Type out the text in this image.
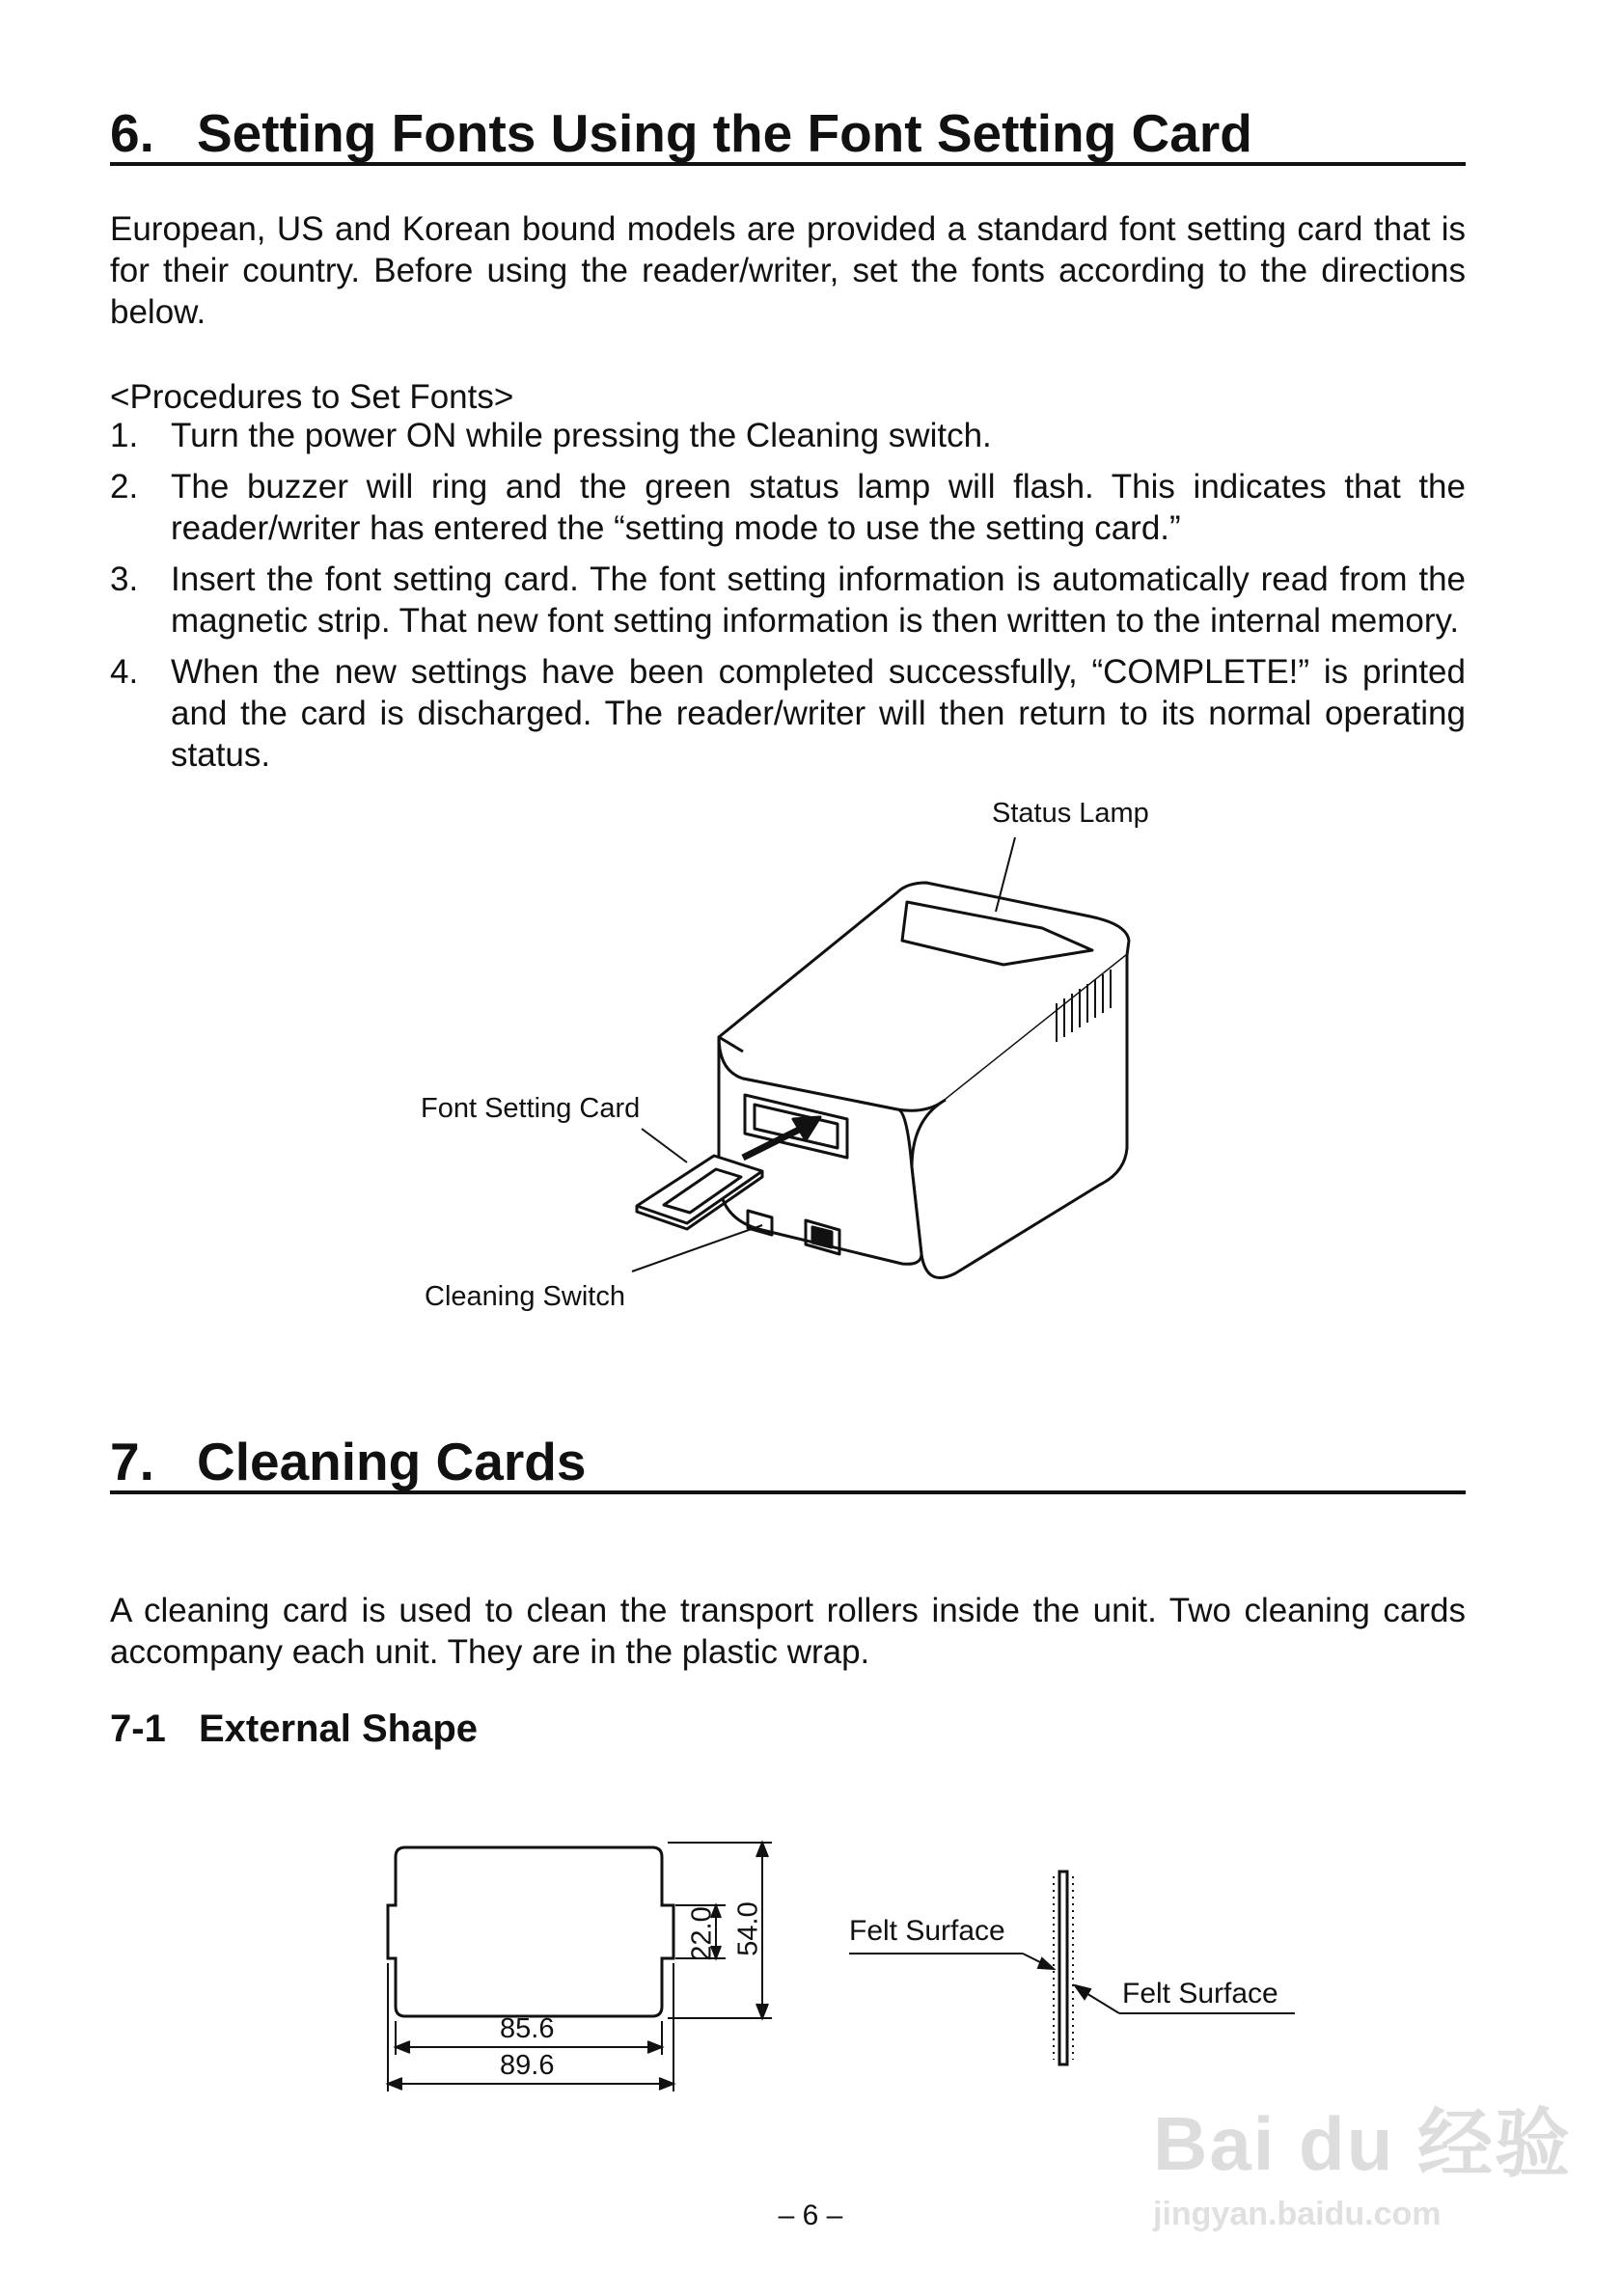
6. Setting Fonts Using the Font Setting Card
European, US and Korean bound models are provided a standard font setting card that is for their country. Before using the reader/writer, set the fonts according to the directions below.
<Procedures to Set Fonts>
1. Turn the power ON while pressing the Cleaning switch.
2. The buzzer will ring and the green status lamp will flash. This indicates that the reader/writer has entered the “setting mode to use the setting card.”
3. Insert the font setting card. The font setting information is automatically read from the magnetic strip. That new font setting information is then written to the internal memory.
4. When the new settings have been completed successfully, “COMPLETE!” is printed and the card is discharged. The reader/writer will then return to its normal operating status.
Status Lamp
Font Setting Card
Cleaning Switch
7. Cleaning Cards
A cleaning card is used to clean the transport rollers inside the unit. Two cleaning cards accompany each unit. They are in the plastic wrap.
7-1 External Shape
85.6
89.6
22.0 54.0	Felt Surface
Felt Surface
– 6 –
Bai du 经验
jingyan.baidu.com
